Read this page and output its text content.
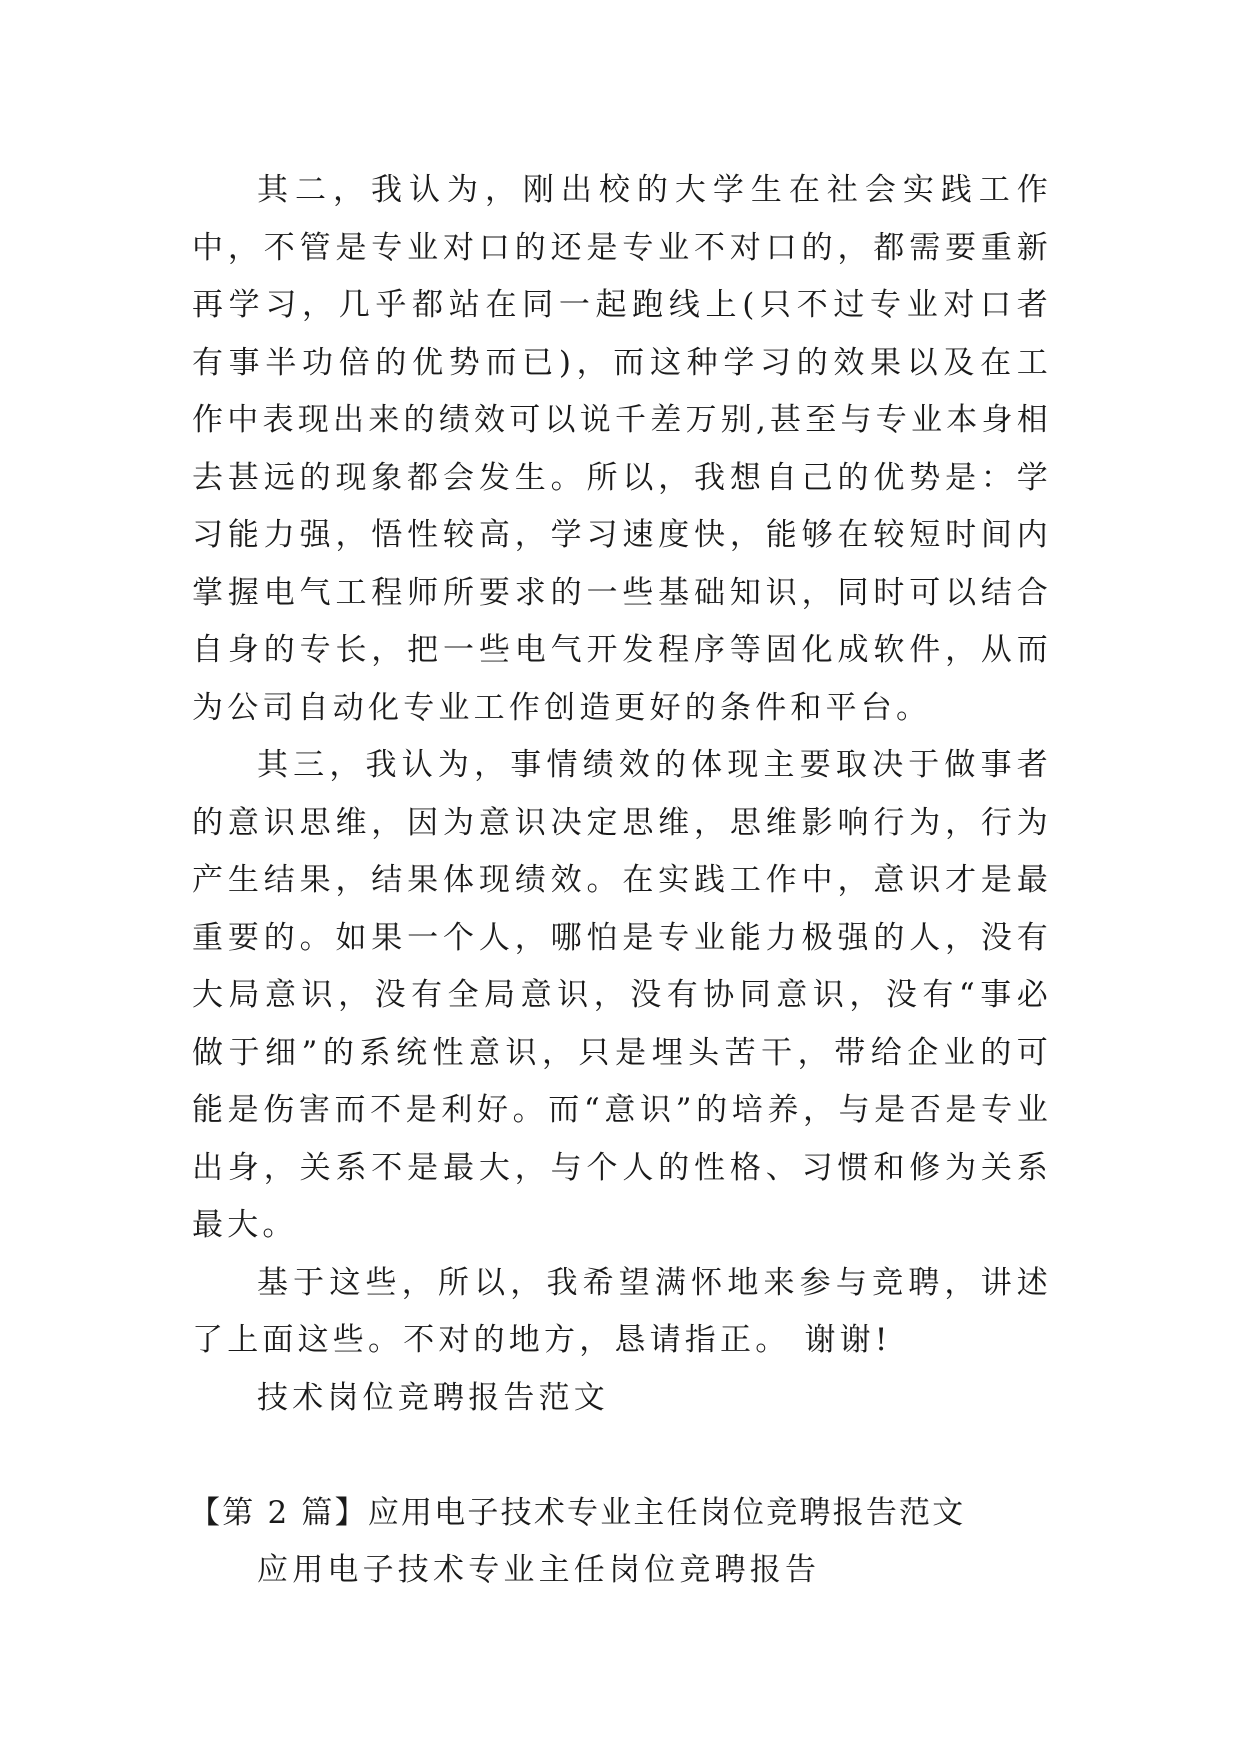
其二，我认为，刚出校的大学生在社会实践工作中，不管是专业对口的还是专业不对口的，都需要重新再学习，几乎都站在同一起跑线上(只不过专业对口者有事半功倍的优势而已)，而这种学习的效果以及在工作中表现出来的绩效可以说千差万别,甚至与专业本身相去甚远的现象都会发生。所以，我想自己的优势是：学习能力强，悟性较高，学习速度快，能够在较短时间内掌握电气工程师所要求的一些基础知识，同时可以结合自身的专长，把一些电气开发程序等固化成软件，从而为公司自动化专业工作创造更好的条件和平台。

其三，我认为，事情绩效的体现主要取决于做事者的意识思维，因为意识决定思维，思维影响行为，行为产生结果，结果体现绩效。在实践工作中，意识才是最重要的。如果一个人，哪怕是专业能力极强的人，没有大局意识，没有全局意识，没有协同意识，没有“事必做于细”的系统性意识，只是埋头苦干，带给企业的可能是伤害而不是利好。而“意识”的培养，与是否是专业出身，关系不是最大，与个人的性格、习惯和修为关系最大。

基于这些，所以，我希望满怀地来参与竞聘，讲述了上面这些。不对的地方，恳请指正。 谢谢!

技术岗位竞聘报告范文

【第 2 篇】应用电子技术专业主任岗位竞聘报告范文

应用电子技术专业主任岗位竞聘报告
